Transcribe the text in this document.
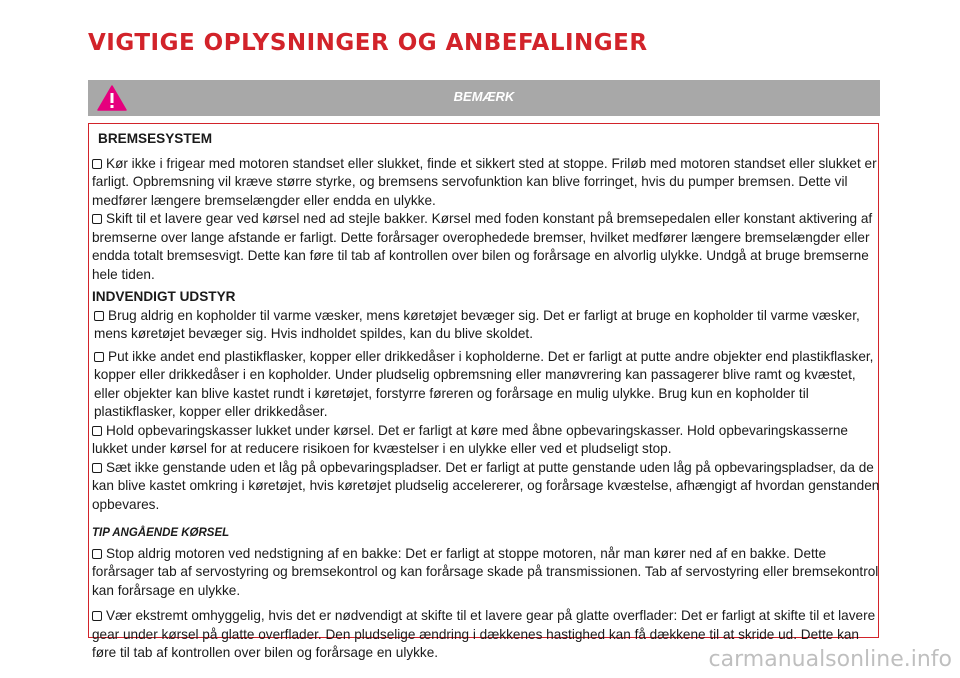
VIGTIGE OPLYSNINGER OG ANBEFALINGER
BEMÆRK
BREMSESYSTEM

Kør ikke i frigear med motoren standset eller slukket, finde et sikkert sted at stoppe. Friløb med motoren standset eller slukket er farligt. Opbremsning vil kræve større styrke, og bremsens servofunktion kan blive forringet, hvis du pumper bremsen. Dette vil medfører længere bremselængder eller endda en ulykke.

Skift til et lavere gear ved kørsel ned ad stejle bakker. Kørsel med foden konstant på bremsepedalen eller konstant aktivering af bremserne over lange afstande er farligt. Dette forårsager overophedede bremser, hvilket medfører længere bremselængder eller endda totalt bremsesvigt. Dette kan føre til tab af kontrollen over bilen og forårsage en alvorlig ulykke. Undgå at bruge bremserne hele tiden.

INDVENDIGT UDSTYR

Brug aldrig en kopholder til varme væsker, mens køretøjet bevæger sig. Det er farligt at bruge en kopholder til varme væsker, mens køretøjet bevæger sig. Hvis indholdet spildes, kan du blive skoldet.

Put ikke andet end plastikflasker, kopper eller drikkedåser i kopholderne. Det er farligt at putte andre objekter end plastikflasker, kopper eller drikkedåser i en kopholder. Under pludselig opbremsning eller manøvrering kan passagerer blive ramt og kvæstet, eller objekter kan blive kastet rundt i køretøjet, forstyrre føreren og forårsage en mulig ulykke. Brug kun en kopholder til plastikflasker, kopper eller drikkedåser.

Hold opbevaringskasser lukket under kørsel. Det er farligt at køre med åbne opbevaringskasser. Hold opbevaringskasserne lukket under kørsel for at reducere risikoen for kvæstelser i en ulykke eller ved et pludseligt stop.

Sæt ikke genstande uden et låg på opbevaringspladser. Det er farligt at putte genstande uden låg på opbevaringspladser, da de kan blive kastet omkring i køretøjet, hvis køretøjet pludselig accelererer, og forårsage kvæstelse, afhængigt af hvordan genstanden opbevares.

TIP ANGÅENDE KØRSEL

Stop aldrig motoren ved nedstigning af en bakke: Det er farligt at stoppe motoren, når man kører ned af en bakke. Dette forårsager tab af servostyring og bremsekontrol og kan forårsage skade på transmissionen. Tab af servostyring eller bremsekontrol kan forårsage en ulykke.

Vær ekstremt omhyggelig, hvis det er nødvendigt at skifte til et lavere gear på glatte overflader: Det er farligt at skifte til et lavere gear under kørsel på glatte overflader. Den pludselige ændring i dækkenes hastighed kan få dækkene til at skride ud. Dette kan føre til tab af kontrollen over bilen og forårsage en ulykke.	carmanualsonline.info
